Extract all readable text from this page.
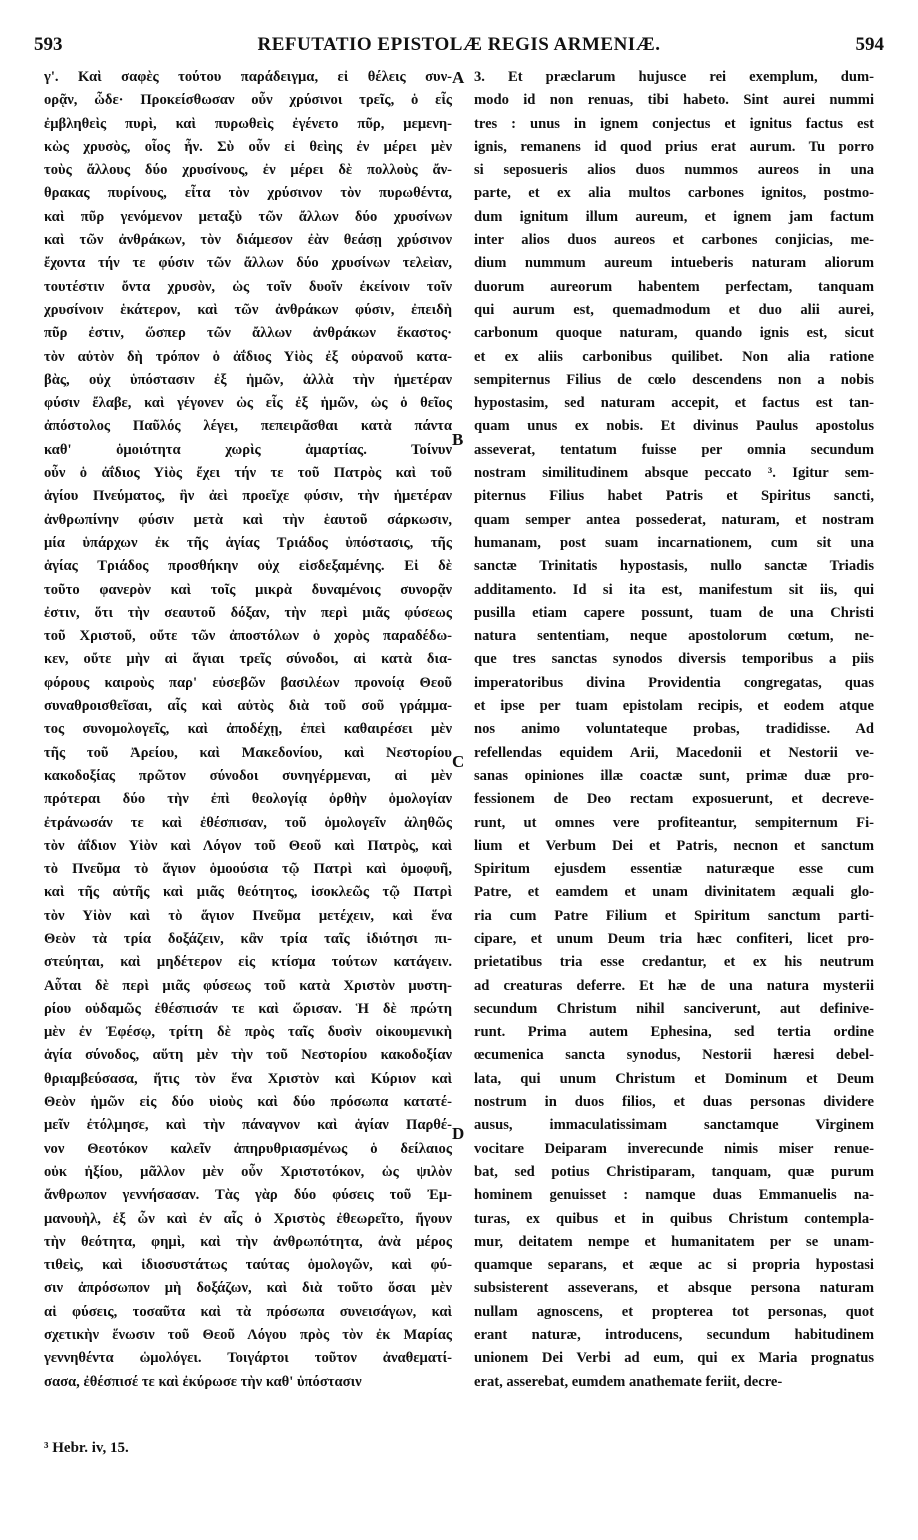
593	REFUTATIO EPISTOLÆ REGIS ARMENIÆ.	594
γ'. Καὶ σαφὲς τούτου παράδειγμα, εἰ θέλεις συν-
ορᾷν, ὧδε· Προκείσθωσαν οὖν χρύσινοι τρεῖς, ὁ εἷς
ἐμβληθεὶς πυρὶ, καὶ πυρωθεὶς ἐγένετο πῦρ, μεμενη-
κὼς χρυσὸς, οἷος ἦν. Σὺ οὖν εἰ θεὶης ἐν μέρει μὲν
τοὺς ἄλλους δύο χρυσίνους, ἐν μέρει δὲ πολλοὺς ἄν-
θρακας πυρίνους, εἶτα τὸν χρύσινον τὸν πυρωθέντα,
καὶ πῦρ γενόμενον μεταξὺ τῶν ἄλλων δύο χρυσίνων
καὶ τῶν ἀνθράκων, τὸν διάμεσον ἐὰν θεάσῃ χρύσινον
ἔχοντα τήν τε φύσιν τῶν ἄλλων δύο χρυσίνων τελεὶαν,
τουτέστιν ὄντα χρυσὸν, ὡς τοῖν δυοῖν ἐκείνοιν τοῖν
χρυσίνοιν ἑκάτερον, καὶ τῶν ἀνθράκων φύσιν, ἐπειδὴ
πῦρ ἐστιν, ὥσπερ τῶν ἄλλων ἀνθράκων ἕκαστος·
τὸν αὐτὸν δὴ τρόπον ὁ ἀΐδιος Υἱὸς ἐξ οὐρανοῦ κατα-
βὰς, οὐχ ὑπόστασιν ἐξ ἡμῶν, ἀλλὰ τὴν ἡμετέραν
φύσιν ἔλαβε, καὶ γέγονεν ὡς εἷς ἐξ ἡμῶν, ὡς ὁ θεῖος
ἀπόστολος Παῦλός λέγει, πεπειρᾶσθαι κατὰ πάντα
καθ' ὁμοιότητα χωρὶς ἁμαρτίας. Τοίνυν
οὖν ὁ ἀΐδιος Υἱὸς ἔχει τήν τε τοῦ Πατρὸς καὶ τοῦ
ἁγίου Πνεύματος, ἣν ἀεὶ προεῖχε φύσιν, τὴν ἡμετέραν
ἀνθρωπίνην φύσιν μετὰ καὶ τὴν ἑαυτοῦ σάρκωσιν,
μία ὑπάρχων ἐκ τῆς ἁγίας Τριάδος ὑπόστασις, τῆς
ἁγίας Τριάδος προσθήκην οὐχ εἰσδεξαμένης. Εἰ δὲ
τοῦτο φανερὸν καὶ τοῖς μικρὰ δυναμένοις συνορᾷν
ἐστιν, ὅτι τὴν σεαυτοῦ δόξαν, τὴν περὶ μιᾶς φύσεως
τοῦ Χριστοῦ, οὔτε τῶν ἀποστόλων ὁ χορὸς παραδέδω-
κεν, οὔτε μὴν αἱ ἅγιαι τρεῖς σύνοδοι, αἱ κατὰ δια-
φόρους καιροὺς παρ' εὐσεβῶν βασιλέων προνοίᾳ Θεοῦ
συναθροισθεῖσαι, αἷς καὶ αὐτὸς διὰ τοῦ σοῦ γράμμα-
τος συνομολογεῖς, καὶ ἀποδέχῃ, ἐπεὶ καθαιρέσει μὲν
τῆς τοῦ Ἀρείου, καὶ Μακεδονίου, καὶ Νεστορίου
κακοδοξίας πρῶτον σύνοδοι συνηγέρμεναι, αἱ μὲν
πρότεραι δύο τὴν ἐπὶ θεολογίᾳ ὀρθὴν ὁμολογίαν
ἐτράνωσάν τε καὶ ἐθέσπισαν, τοῦ ὁμολογεῖν ἀληθῶς
τὸν ἀΐδιον Υἱὸν καὶ Λόγον τοῦ Θεοῦ καὶ Πατρὸς, καὶ
τὸ Πνεῦμα τὸ ἅγιον ὁμοούσια τῷ Πατρὶ καὶ ὁμοφυῆ,
καὶ τῆς αὐτῆς καὶ μιᾶς θεότητος, ἰσοκλεῶς τῷ Πατρὶ
τὸν Υἱὸν καὶ τὸ ἅγιον Πνεῦμα μετέχειν, καὶ ἕνα
Θεὸν τὰ τρία δοξάζειν, κἂν τρία ταῖς ἰδιότησι πι-
στεύηται, καὶ μηδέτερον εἰς κτίσμα τούτων κατάγειν.
Αὗται δὲ περὶ μιᾶς φύσεως τοῦ κατὰ Χριστὸν μυστη-
ρίου οὐδαμῶς ἐθέσπισάν τε καὶ ὥρισαν. Ἡ δὲ πρώτη
μὲν ἐν Ἐφέσῳ, τρίτη δὲ πρὸς ταῖς δυσὶν οἰκουμενικὴ
ἁγία σύνοδος, αὕτη μὲν τὴν τοῦ Νεστορίου κακοδοξίαν
θριαμβεύσασα, ἥτις τὸν ἕνα Χριστὸν καὶ Κύριον καὶ
Θεὸν ἡμῶν εἰς δύο υἱοὺς καὶ δύο πρόσωπα κατατέ-
μεῖν ἐτόλμησε, καὶ τὴν πάναγνον καὶ ἁγίαν Παρθέ-
νον Θεοτόκον καλεῖν ἀπηρυθριασμένως ὁ δείλαιος
οὐκ ἠξίου, μᾶλλον μὲν οὖν Χριστοτόκον, ὡς ψιλὸν
ἄνθρωπον γεννήσασαν. Τὰς γὰρ δύο φύσεις τοῦ Ἐμ-
μανουὴλ, ἐξ ὧν καὶ ἐν αἷς ὁ Χριστὸς ἐθεωρεῖτο, ἤγουν
τὴν θεότητα, φημὶ, καὶ τὴν ἀνθρωπότητα, ἀνὰ μέρος
τιθεὶς, καὶ ἰδιοσυστάτως ταύτας ὁμολογῶν, καὶ φύ-
σιν ἀπρόσωπον μὴ δοξάζων, καὶ διὰ τοῦτο ὅσαι μὲν
αἱ φύσεις, τοσαῦτα καὶ τὰ πρόσωπα συνεισάγων, καὶ
σχετικὴν ἕνωσιν τοῦ Θεοῦ Λόγου πρὸς τὸν ἐκ Μαρίας
γεννηθέντα ὡμολόγει. Τοιγάρτοι τοῦτον ἀναθεματί-
σασα, ἐθέσπισέ τε καὶ ἐκύρωσε τὴν καθ' ὑπόστασιν
3. Et præclarum hujusce rei exemplum, dum-
modo id non renuas, tibi habeto. Sint aurei nummi
tres : unus in ignem conjectus et ignitus factus est
ignis, remanens id quod prius erat aurum. Tu porro
si seposueris alios duos nummos aureos in una
parte, et ex alia multos carbones ignitos, postmo-
dum ignitum illum aureum, et ignem jam factum
inter alios duos aureos et carbones conjicias, me-
dium nummum aureum intueberis naturam aliorum
duorum aureorum habentem perfectam, tanquam
qui aurum est, quemadmodum et duo alii aurei,
carbonum quoque naturam, quando ignis est, sicut
et ex aliis carbonibus quilibet. Non alia ratione
sempiternus Filius de cœlo descendens non a nobis
hypostasim, sed naturam accepit, et factus est tan-
quam unus ex nobis. Et divinus Paulus apostolus
asseverat, tentatum fuisse per omnia secundum
nostram similitudinem absque peccato ³. Igitur sem-
piternus Filius habet Patris et Spiritus sancti,
quam semper antea possederat, naturam, et nostram
humanam, post suam incarnationem, cum sit una
sanctæ Trinitatis hypostasis, nullo sanctæ Triadis
additamento. Id si ita est, manifestum sit iis, qui
pusilla etiam capere possunt, tuam de una Christi
natura sententiam, neque apostolorum cœtum, ne-
que tres sanctas synodos diversis temporibus a piis
imperatoribus divina Providentia congregatas, quas
et ipse per tuam epistolam recipis, et eodem atque
nos animo voluntateque probas, tradidisse. Ad
refellendas equidem Arii, Macedonii et Nestorii ve-
sanas opiniones illæ coactæ sunt, primæ duæ pro-
fessionem de Deo rectam exposuerunt, et decreve-
runt, ut omnes vere profiteantur, sempiternum Fi-
lium et Verbum Dei et Patris, necnon et sanctum
Spiritum ejusdem essentiæ naturæque esse cum
Patre, et eamdem et unam divinitatem æquali glo-
ria cum Patre Filium et Spiritum sanctum parti-
cipare, et unum Deum tria hæc confiteri, licet pro-
prietatibus tria esse credantur, et ex his neutrum
ad creaturas deferre. Et hæ de una natura mysterii
secundum Christum nihil sanciverunt, aut definive-
runt. Prima autem Ephesina, sed tertia ordine
œcumenica sancta synodus, Nestorii hæresi debel-
lata, qui unum Christum et Dominum et Deum
nostrum in duos filios, et duas personas dividere
ausus, immaculatissimam sanctamque Virginem
vocitare Deiparam inverecunde nimis miser renue-
bat, sed potius Christiparam, tanquam, quæ purum
hominem genuisset : namque duas Emmanuelis na-
turas, ex quibus et in quibus Christum contempla-
mur, deitatem nempe et humanitatem per se unam-
quamque separans, et æque ac si propria hypostasi
subsisterent asseverans, et absque persona naturam
nullam agnoscens, et propterea tot personas, quot
erant naturæ, introducens, secundum habitudinem
unionem Dei Verbi ad eum, qui ex Maria prognatus
erat, asserebat, eumdem anathemate feriit, decre-
A
B
C
D
³ Hebr. iv, 15.
